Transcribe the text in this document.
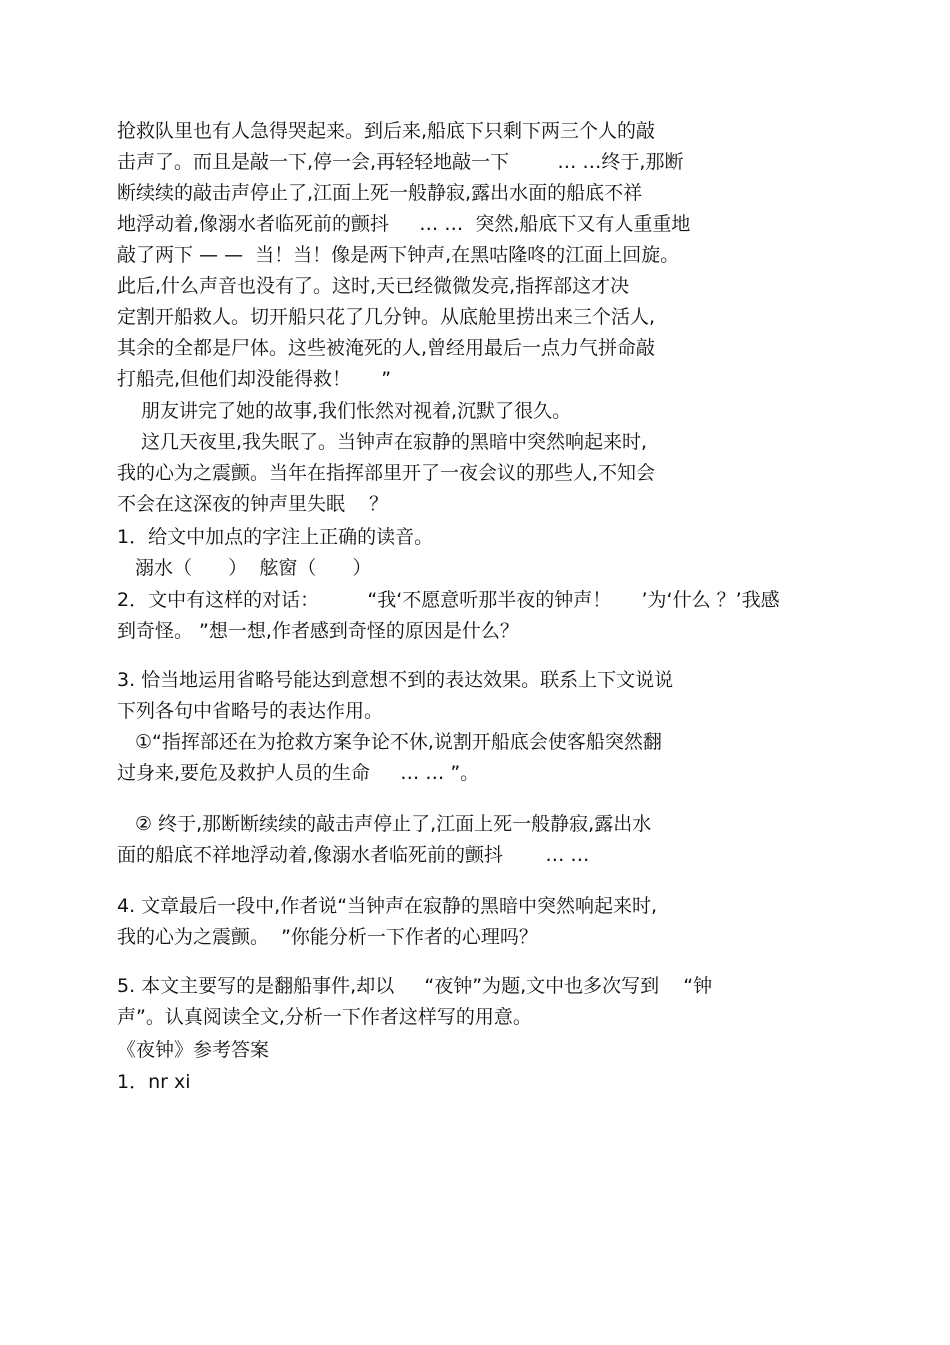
抢救队里也有人急得哭起来。到后来,船底下只剩下两三个人的敲
击声了。而且是敲一下,停一会,再轻轻地敲一下        … …终于,那断
断续续的敲击声停止了,江面上死一般静寂,露出水面的船底不祥
地浮动着,像溺水者临死前的颤抖     … …  突然,船底下又有人重重地
敲了两下 — —  当！当！像是两下钟声,在黑咕隆咚的江面上回旋。
此后,什么声音也没有了。这时,天已经微微发亮,指挥部这才决
定割开船救人。切开船只花了几分钟。从底舱里捞出来三个活人,
其余的全都是尸体。这些被淹死的人,曾经用最后一点力气拼命敲
打船壳,但他们却没能得救！     ”
朋友讲完了她的故事,我们怅然对视着,沉默了很久。
这几天夜里,我失眠了。当钟声在寂静的黑暗中突然响起来时,
我的心为之震颤。当年在指挥部里开了一夜会议的那些人,不知会
不会在这深夜的钟声里失眠    ？
1．给文中加点的字注上正确的读音。
溺水（      ）  舷窗（      ）
2．文中有这样的对话：        “我‘不愿意听那半夜的钟声！     ’为‘什么 ？’我感
到奇怪。 ”想一想,作者感到奇怪的原因是什么？
3. 恰当地运用省略号能达到意想不到的表达效果。联系上下文说说
下列各句中省略号的表达作用。
①“指挥部还在为抢救方案争论不休,说割开船底会使客船突然翻
过身来,要危及救护人员的生命     … … ”。
② 终于,那断断续续的敲击声停止了,江面上死一般静寂,露出水
面的船底不祥地浮动着,像溺水者临死前的颤抖       … …
4. 文章最后一段中,作者说“当钟声在寂静的黑暗中突然响起来时,
我的心为之震颤。  ”你能分析一下作者的心理吗？
5. 本文主要写的是翻船事件,却以     “夜钟”为题,文中也多次写到    “钟
声”。认真阅读全文,分析一下作者这样写的用意。
《夜钟》参考答案
1．nr xi
